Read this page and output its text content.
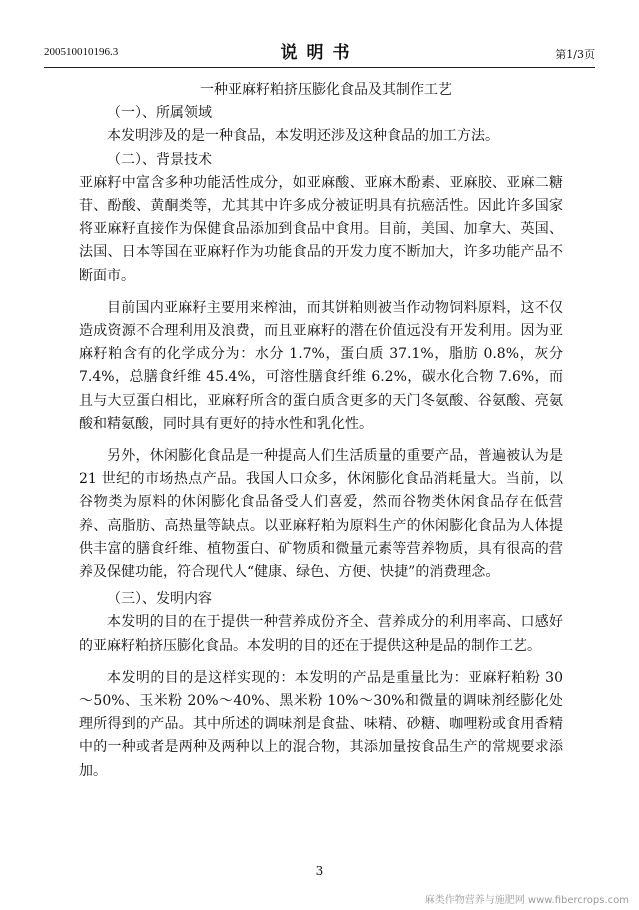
200510010196.3	说明书	第1/3页

一种亚麻籽粕挤压膨化食品及其制作工艺

（一）、所属领域

本发明涉及的是一种食品，本发明还涉及这种食品的加工方法。

（二）、背景技术

亚麻籽中富含多种功能活性成分，如亚麻酸、亚麻木酚素、亚麻胶、亚麻二糖苷、酚酸、黄酮类等，尤其其中许多成分被证明具有抗癌活性。因此许多国家将亚麻籽直接作为保健食品添加到食品中食用。目前，美国、加拿大、英国、法国、日本等国在亚麻籽作为功能食品的开发力度不断加大，许多功能产品不断面市。

目前国内亚麻籽主要用来榨油，而其饼粕则被当作动物饲料原料，这不仅造成资源不合理利用及浪费，而且亚麻籽的潜在价值远没有开发利用。因为亚麻籽粕含有的化学成分为：水分 1.7%，蛋白质 37.1%，脂肪 0.8%，灰分 7.4%，总膳食纤维 45.4%，可溶性膳食纤维 6.2%，碳水化合物 7.6%，而且与大豆蛋白相比，亚麻籽所含的蛋白质含更多的天门冬氨酸、谷氨酸、亮氨酸和精氨酸，同时具有更好的持水性和乳化性。

另外，休闲膨化食品是一种提高人们生活质量的重要产品，普遍被认为是 21 世纪的市场热点产品。我国人口众多，休闲膨化食品消耗量大。当前，以谷物类为原料的休闲膨化食品备受人们喜爱，然而谷物类休闲食品存在低营养、高脂肪、高热量等缺点。以亚麻籽粕为原料生产的休闲膨化食品为人体提供丰富的膳食纤维、植物蛋白、矿物质和微量元素等营养物质，具有很高的营养及保健功能，符合现代人“健康、绿色、方便、快捷”的消费理念。

（三）、发明内容

本发明的目的在于提供一种营养成份齐全、营养成分的利用率高、口感好的亚麻籽粕挤压膨化食品。本发明的目的还在于提供这种是品的制作工艺。

本发明的目的是这样实现的：本发明的产品是重量比为：亚麻籽粕粉 30～50%、玉米粉 20%～40%、黑米粉 10%～30%和微量的调味剂经膨化处理所得到的产品。其中所述的调味剂是食盐、味精、砂糖、咖哩粉或食用香精中的一种或者是两种及两种以上的混合物，其添加量按食品生产的常规要求添加。

3
麻类作物营养与施肥网 www.fibercrops.com
